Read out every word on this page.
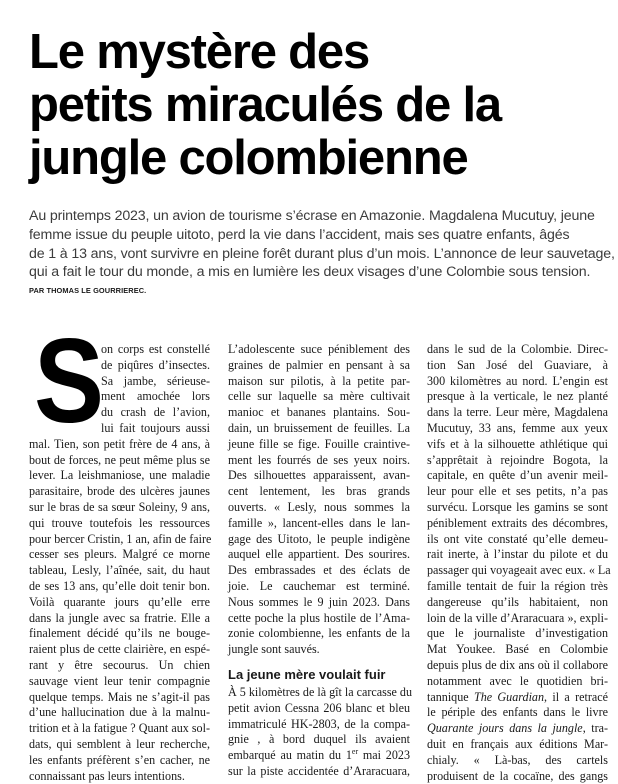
Le mystère des
petits miraculés de la
jungle colombienne

Au printemps 2023, un avion de tourisme s’écrase en Amazonie. Magdalena Mucutuy, jeune
femme issue du peuple uitoto, perd la vie dans l’accident, mais ses quatre enfants, âgés
de 1 à 13 ans, vont survivre en pleine forêt durant plus d’un mois. L’annonce de leur sauvetage,
qui a fait le tour du monde, a mis en lumière les deux visages d’une Colombie sous tension.

PAR THOMAS LE GOURRIEREC.
S
on corps est constellé
de piqûres d’insectes.
Sa jambe, sérieuse-
ment amochée lors
du crash de l’avion,
lui fait toujours aussi
mal. Tien, son petit frère de 4 ans, à
bout de forces, ne peut même plus se
lever. La leishmaniose, une maladie
parasitaire, brode des ulcères jaunes
sur le bras de sa sœur Soleiny, 9 ans,
qui trouve toutefois les ressources
pour bercer Cristin, 1 an, afin de faire
cesser ses pleurs. Malgré ce morne
tableau, Lesly, l’aînée, sait, du haut
de ses 13 ans, qu’elle doit tenir bon.
Voilà quarante jours qu’elle erre
dans la jungle avec sa fratrie. Elle a
finalement décidé qu’ils ne bouge-
raient plus de cette clairière, en espé-
rant y être secourus. Un chien
sauvage vient leur tenir compagnie
quelque temps. Mais ne s’agit-il pas
d’une hallucination due à la malnu-
trition et à la fatigue ? Quant aux sol-
dats, qui semblent à leur recherche,
les enfants préfèrent s’en cacher, ne
connaissant pas leurs intentions.
L’adolescente suce péniblement des
graines de palmier en pensant à sa
maison sur pilotis, à la petite par-
celle sur laquelle sa mère cultivait
manioc et bananes plantains. Sou-
dain, un bruissement de feuilles. La
jeune fille se fige. Fouille craintive-
ment les fourrés de ses yeux noirs.
Des silhouettes apparaissent, avan-
cent lentement, les bras grands
ouverts. « Lesly, nous sommes la
famille », lancent-elles dans le lan-
gage des Uitoto, le peuple indigène
auquel elle appartient. Des sourires.
Des embrassades et des éclats de
joie. Le cauchemar est terminé.
Nous sommes le 9 juin 2023. Dans
cette poche la plus hostile de l’Ama-
zonie colombienne, les enfants de la
jungle sont sauvés.
La jeune mère voulait fuir
À 5 kilomètres de là gît la carcasse du
petit avion Cessna 206 blanc et bleu
immatriculé HK-2803, de la compa-
gnie , à bord duquel ils avaient
embarqué au matin du 1er mai 2023
sur la piste accidentée d’Araracuara,
dans le sud de la Colombie. Direc-
tion San José del Guaviare, à
300 kilomètres au nord. L’engin est
presque à la verticale, le nez planté
dans la terre. Leur mère, Magdalena
Mucutuy, 33 ans, femme aux yeux
vifs et à la silhouette athlétique qui
s’apprêtait à rejoindre Bogota, la
capitale, en quête d’un avenir meil-
leur pour elle et ses petits, n’a pas
survécu. Lorsque les gamins se sont
péniblement extraits des décombres,
ils ont vite constaté qu’elle demeu-
rait inerte, à l’instar du pilote et du
passager qui voyageait avec eux. « La
famille tentait de fuir la région très
dangereuse qu’ils habitaient, non
loin de la ville d’Araracuara », expli-
que le journaliste d’investigation
Mat Youkee. Basé en Colombie
depuis plus de dix ans où il collabore
notamment avec le quotidien bri-
tannique The Guardian, il a retracé
le périple des enfants dans le livre
Quarante jours dans la jungle, tra-
duit en français aux éditions Mar-
chialy. « Là-bas, des cartels
produisent de la cocaïne, des gangs
